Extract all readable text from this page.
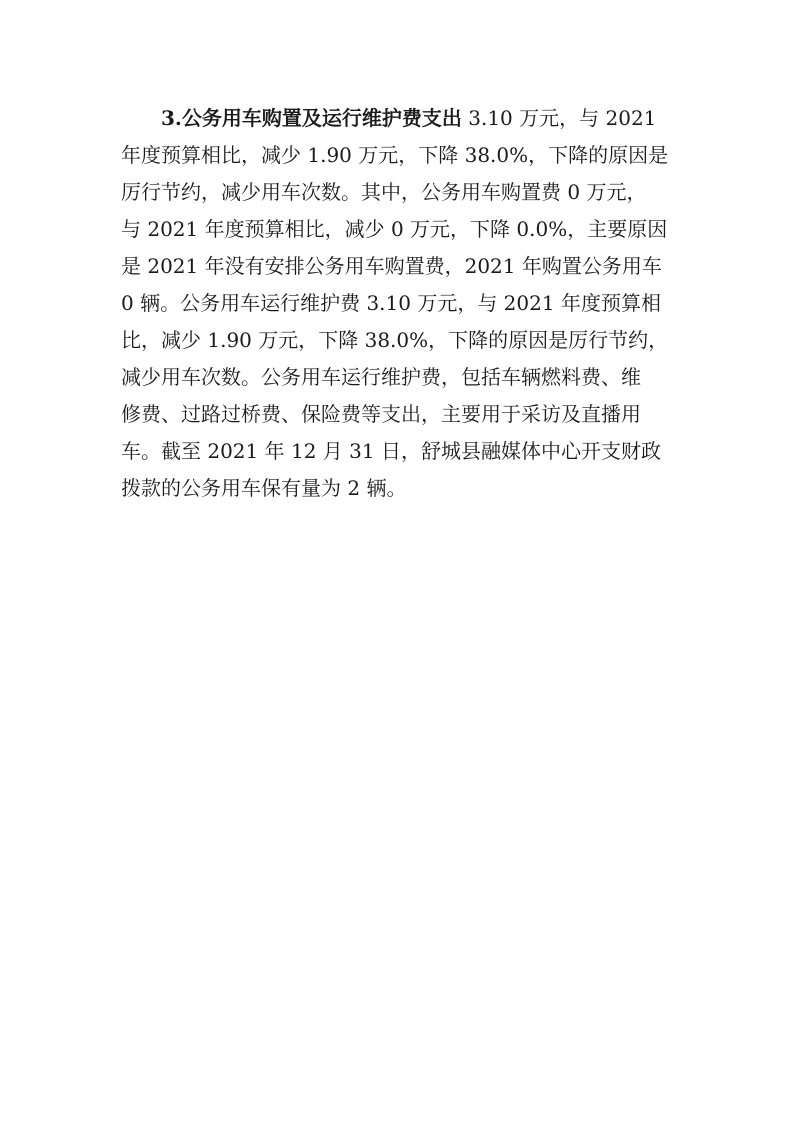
3.公务用车购置及运行维护费支出 3.10 万元，与 2021
年度预算相比，减少 1.90 万元，下降 38.0%，下降的原因是
厉行节约，减少用车次数。其中，公务用车购置费 0 万元，
与 2021 年度预算相比，减少 0 万元，下降 0.0%，主要原因
是 2021 年没有安排公务用车购置费，2021 年购置公务用车
0 辆。公务用车运行维护费 3.10 万元，与 2021 年度预算相
比，减少 1.90 万元，下降 38.0%，下降的原因是厉行节约，
减少用车次数。公务用车运行维护费，包括车辆燃料费、维
修费、过路过桥费、保险费等支出，主要用于采访及直播用
车。截至 2021 年 12 月 31 日，舒城县融媒体中心开支财政
拨款的公务用车保有量为 2 辆。
